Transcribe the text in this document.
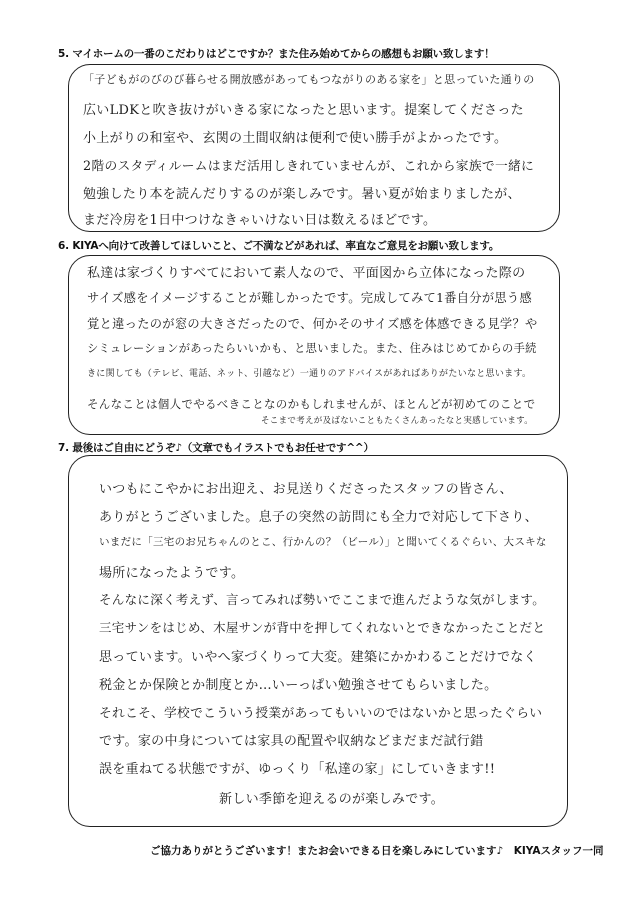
5. マイホームの一番のこだわりはどこですか？また住み始めてからの感想もお願い致します！
「子どもがのびのび暮らせる開放感があってもつながりのある家を」と思っていた通りの
広いLDKと吹き抜けがいきる家になったと思います。提案してくださった
小上がりの和室や、玄関の土間収納は便利で使い勝手がよかったです。
2階のスタディルームはまだ活用しきれていませんが、これから家族で一緒に
勉強したり本を読んだりするのが楽しみです。暑い夏が始まりましたが、
まだ冷房を1日中つけなきゃいけない日は数えるほどです。
6. KIYAへ向けて改善してほしいこと、ご不満などがあれば、率直なご意見をお願い致します。
私達は家づくりすべてにおいて素人なので、平面図から立体になった際の
サイズ感をイメージすることが難しかったです。完成してみて1番自分が思う感
覚と違ったのが窓の大きさだったので、何かそのサイズ感を体感できる見学？や
シミュレーションがあったらいいかも、と思いました。また、住みはじめてからの手続
きに関しても（テレビ、電話、ネット、引越など）一通りのアドバイスがあればありがたいなと思います。
そんなことは個人でやるべきことなのかもしれませんが、ほとんどが初めてのことで
そこまで考えが及ばないこともたくさんあったなと実感しています。
7. 最後はご自由にどうぞ♪（文章でもイラストでもお任せです^^）
いつもにこやかにお出迎え、お見送りくださったスタッフの皆さん、
ありがとうございました。息子の突然の訪問にも全力で対応して下さり、
いまだに「三宅のお兄ちゃんのとこ、行かんの？（ビール）」と聞いてくるぐらい、大スキな
場所になったようです。
そんなに深く考えず、言ってみれば勢いでここまで進んだような気がします。
三宅サンをはじめ、木屋サンが背中を押してくれないとできなかったことだと
思っています。いやへ家づくりって大変。建築にかかわることだけでなく
税金とか保険とか制度とか…いーっぱい勉強させてもらいました。
それこそ、学校でこういう授業があってもいいのではないかと思ったぐらい
です。家の中身については家具の配置や収納などまだまだ試行錯
誤を重ねてる状態ですが、ゆっくり「私達の家」にしていきます!!
新しい季節を迎えるのが楽しみです。
ご協力ありがとうございます！またお会いできる日を楽しみにしています♪　KIYAスタッフ一同
